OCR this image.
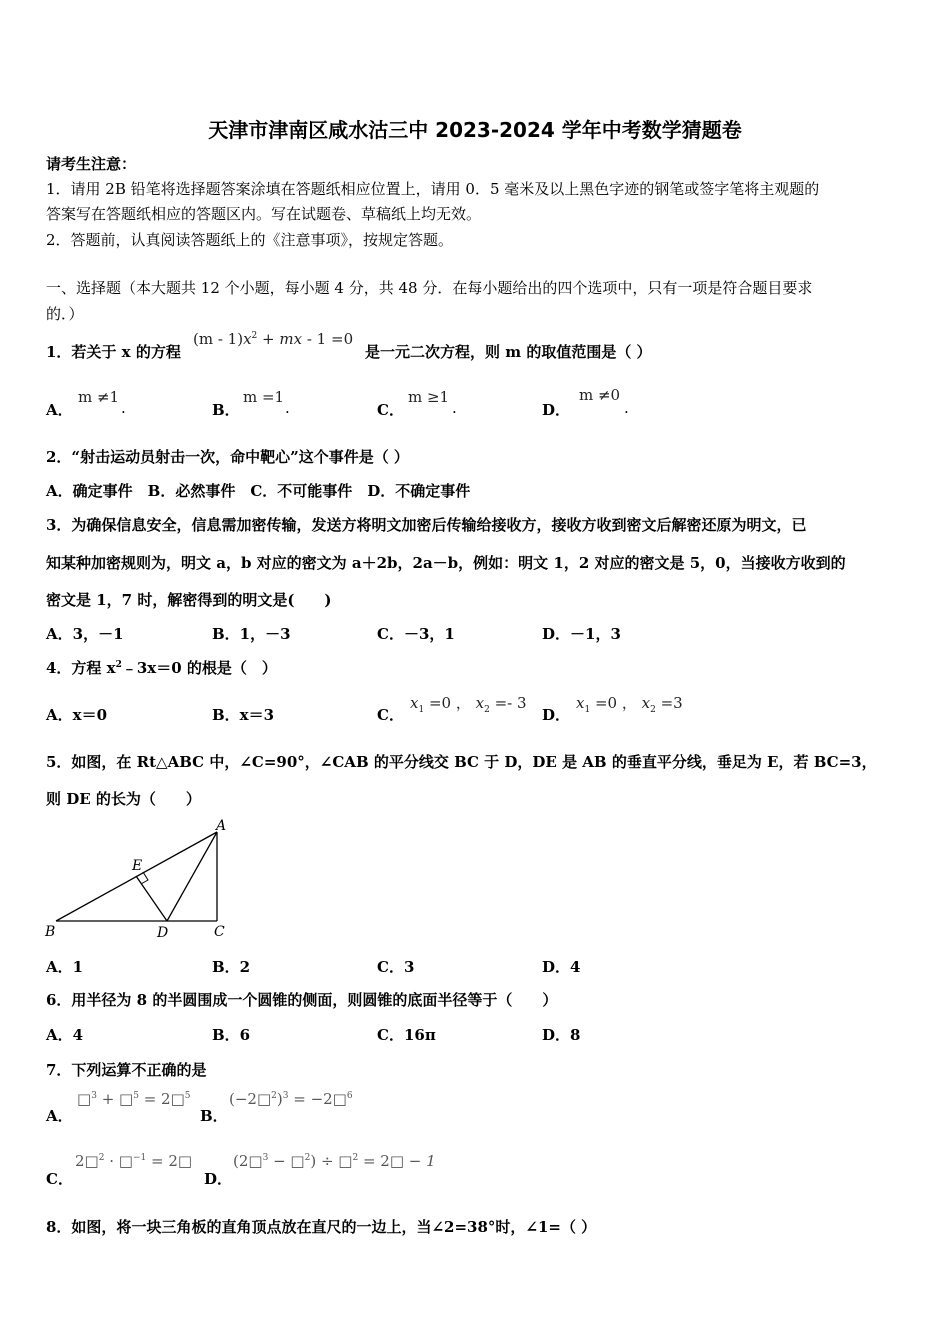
天津市津南区咸水沽三中 2023-2024 学年中考数学猜题卷
请考生注意：
1．请用 2B 铅笔将选择题答案涂填在答题纸相应位置上，请用 0．5 毫米及以上黑色字迹的钢笔或签字笔将主观题的
答案写在答题纸相应的答题区内。写在试题卷、草稿纸上均无效。
2．答题前，认真阅读答题纸上的《注意事项》，按规定答题。
一、选择题（本大题共 12 个小题，每小题 4 分，共 48 分．在每小题给出的四个选项中，只有一项是符合题目要求
的．）
1．若关于 x 的方程
$(m - 1)x^2$ + mx - 1 =0
是一元二次方程，则 m 的取值范围是（ ）
A．
m ≠1
.	B．
m =1
.	C．
m ≥1
.	D．
m ≠0
.
2．“射击运动员射击一次，命中靶心”这个事件是（ ）
A．确定事件　B．必然事件　C．不可能事件　D．不确定事件
3．为确保信息安全，信息需加密传输，发送方将明文加密后传输给接收方，接收方收到密文后解密还原为明文，已
知某种加密规则为，明文 a，b 对应的密文为 a＋2b，2a－b，例如：明文 1，2 对应的密文是 5，0，当接收方收到的
密文是 1，7 时，解密得到的明文是(　　)
A．3，－1	B．1，－3	C．－3，1	D．－1，3
4．方程 $x^2﹣3x=0$ 的根是（　）
A．x＝0	B．x＝3	C．
$x_1 =0$ ， $x_2 =- 3$
D．
$x_1 =0$ ， $x_2 =3$
5．如图，在 Rt△ABC 中，∠C=90°，∠CAB 的平分线交 BC 于 D，DE 是 AB 的垂直平分线，垂足为 E，若 BC=3，
则 DE 的长为（　　）
A
B	C
D
E
A．1	B．2	C．3	D．4
6．用半径为 8 的半圆围成一个圆锥的侧面，则圆锥的底面半径等于（　　）
A．4	B．6	C．16π	D．8
7．下列运算不正确的是
A．
□$^3$ + □$^5$ = 2□$^5$
B．
(−2□$^2$)$^3$ = −2□$^6$
C．
2□$^2$ · □$^{-1}$ = 2□
D．
(2□$^3$ − □$^2$) ÷ □$^2$ = 2□ − 1
8．如图，将一块三角板的直角顶点放在直尺的一边上，当∠2=38°时，∠1=（ ）
